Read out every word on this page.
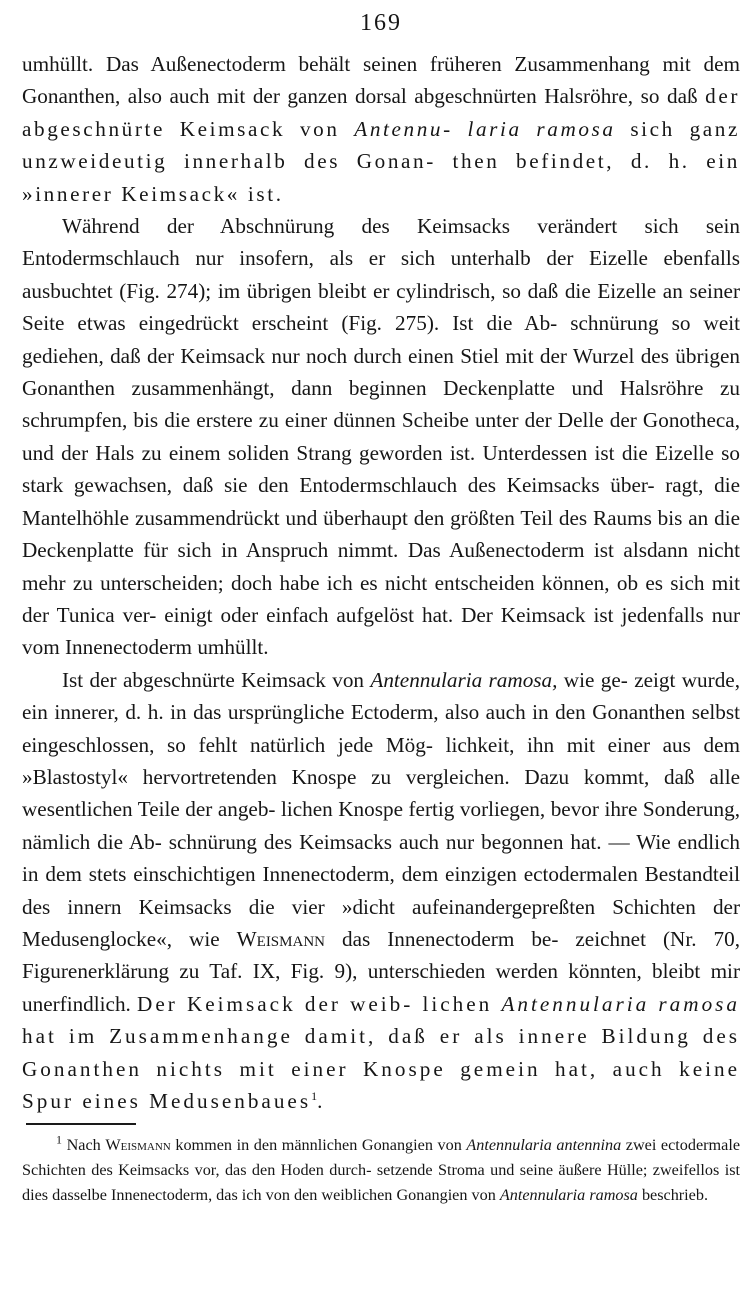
169

umhüllt. Das Außenectoderm behält seinen früheren Zusammenhang mit dem Gonanthen, also auch mit der ganzen dorsal abgeschnürten Halsröhre, so daß der abgeschnürte Keimsack von Antennu- laria ramosa sich ganz unzweideutig innerhalb des Gonan- then befindet, d. h. ein »innerer Keimsack« ist.

Während der Abschnürung des Keimsacks verändert sich sein Entodermschlauch nur insofern, als er sich unterhalb der Eizelle ebenfalls ausbuchtet (Fig. 274); im übrigen bleibt er cylindrisch, so daß die Eizelle an seiner Seite etwas eingedrückt erscheint (Fig. 275). Ist die Ab- schnürung so weit gediehen, daß der Keimsack nur noch durch einen Stiel mit der Wurzel des übrigen Gonanthen zusammenhängt, dann beginnen Deckenplatte und Halsröhre zu schrumpfen, bis die erstere zu einer dünnen Scheibe unter der Delle der Gonotheca, und der Hals zu einem soliden Strang geworden ist. Unterdessen ist die Eizelle so stark gewachsen, daß sie den Entodermschlauch des Keimsacks über- ragt, die Mantelhöhle zusammendrückt und überhaupt den größten Teil des Raums bis an die Deckenplatte für sich in Anspruch nimmt. Das Außenectoderm ist alsdann nicht mehr zu unterscheiden; doch habe ich es nicht entscheiden können, ob es sich mit der Tunica ver- einigt oder einfach aufgelöst hat. Der Keimsack ist jedenfalls nur vom Innenectoderm umhüllt.

Ist der abgeschnürte Keimsack von Antennularia ramosa, wie ge- zeigt wurde, ein innerer, d. h. in das ursprüngliche Ectoderm, also auch in den Gonanthen selbst eingeschlossen, so fehlt natürlich jede Mög- lichkeit, ihn mit einer aus dem »Blastostyl« hervortretenden Knospe zu vergleichen. Dazu kommt, daß alle wesentlichen Teile der angeb- lichen Knospe fertig vorliegen, bevor ihre Sonderung, nämlich die Ab- schnürung des Keimsacks auch nur begonnen hat. — Wie endlich in dem stets einschichtigen Innenectoderm, dem einzigen ectodermalen Bestandteil des innern Keimsacks die vier »dicht aufeinandergepreßten Schichten der Medusenglocke«, wie Weismann das Innenectoderm be- zeichnet (Nr. 70, Figurenerklärung zu Taf. IX, Fig. 9), unterschieden werden könnten, bleibt mir unerfindlich. Der Keimsack der weib- lichen Antennularia ramosa hat im Zusammenhange damit, daß er als innere Bildung des Gonanthen nichts mit einer Knospe gemein hat, auch keine Spur eines Medusenbaues$^1$.

$^1$ Nach Weismann kommen in den männlichen Gonangien von Antennularia antennina zwei ectodermale Schichten des Keimsacks vor, das den Hoden durch- setzende Stroma und seine äußere Hülle; zweifellos ist dies dasselbe Innenectoderm, das ich von den weiblichen Gonangien von Antennularia ramosa beschrieb.
